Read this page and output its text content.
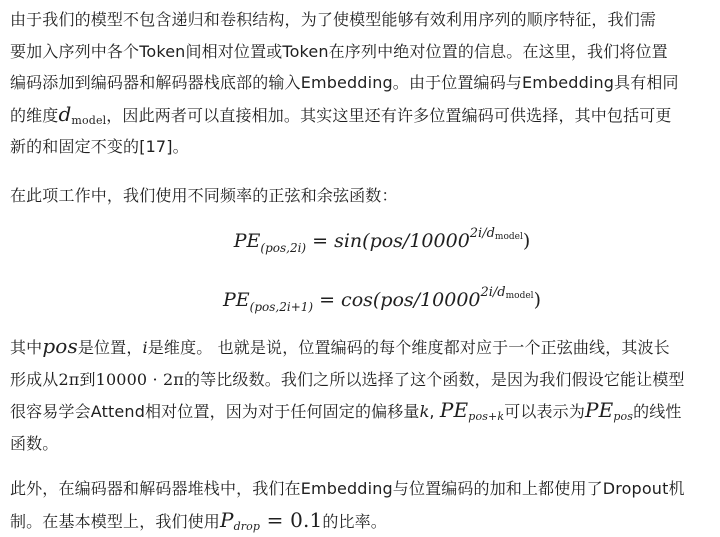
由于我们的模型不包含递归和卷积结构，为了使模型能够有效利用序列的顺序特征，我们需
要加入序列中各个Token间相对位置或Token在序列中绝对位置的信息。在这里，我们将位置
编码添加到编码器和解码器栈底部的输入Embedding。由于位置编码与Embedding具有相同
的维度$d_{model}$，因此两者可以直接相加。其实这里还有许多位置编码可供选择，其中包括可更
新的和固定不变的[17]。
在此项工作中，我们使用不同频率的正弦和余弦函数：
$PE_{(pos,2i)} = \sin(pos/10000^{2i/d_{model}})$
$PE_{(pos,2i+1)} = \cos(pos/10000^{2i/d_{model}})$
其中pos是位置，i是维度。 也就是说，位置编码的每个维度都对应于一个正弦曲线，其波长
形成从2π到10000 · 2π的等比级数。我们之所以选择了这个函数，是因为我们假设它能让模型
很容易学会Attend相对位置，因为对于任何固定的偏移量k, $PE_{pos+k}$可以表示为$PE_{pos}$的线性
函数。
此外，在编码器和解码器堆栈中，我们在Embedding与位置编码的加和上都使用了Dropout机
制。在基本模型上，我们使用$P_{drop} = 0.1$的比率。
